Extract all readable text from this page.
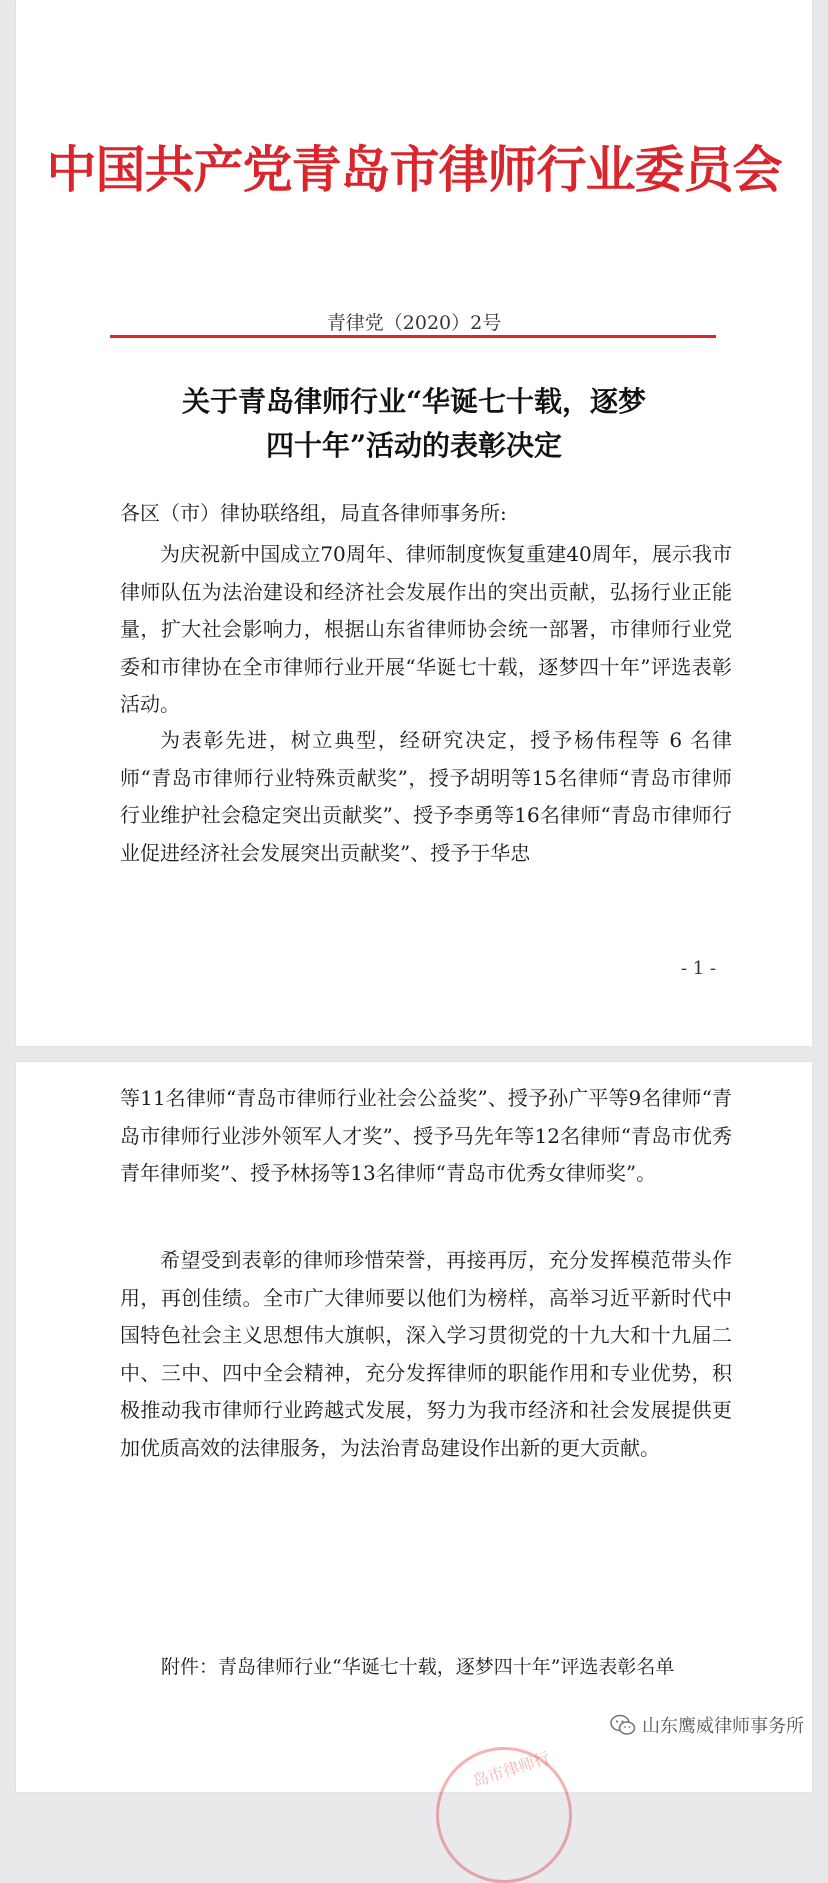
中国共产党青岛市律师行业委员会
青律党（2020）2号
关于青岛律师行业“华诞七十载，逐梦
四十年”活动的表彰决定
各区（市）律协联络组，局直各律师事务所:

为庆祝新中国成立70周年、律师制度恢复重建40周年，展示我市律师队伍为法治建设和经济社会发展作出的突出贡献，弘扬行业正能量，扩大社会影响力，根据山东省律师协会统一部署，市律师行业党委和市律协在全市律师行业开展“华诞七十载，逐梦四十年”评选表彰活动。

为表彰先进，树立典型，经研究决定，授予杨伟程等 6 名律师“青岛市律师行业特殊贡献奖”，授予胡明等15名律师“青岛市律师行业维护社会稳定突出贡献奖”、授予李勇等16名律师“青岛市律师行业促进经济社会发展突出贡献奖”、授予于华忠

- 1 -

等11名律师“青岛市律师行业社会公益奖”、授予孙广平等9名律师“青岛市律师行业涉外领军人才奖”、授予马先年等12名律师“青岛市优秀青年律师奖”、授予林扬等13名律师“青岛市优秀女律师奖”。

希望受到表彰的律师珍惜荣誉，再接再厉，充分发挥模范带头作用，再创佳绩。全市广大律师要以他们为榜样，高举习近平新时代中国特色社会主义思想伟大旗帜，深入学习贯彻党的十九大和十九届二中、三中、四中全会精神，充分发挥律师的职能作用和专业优势，积极推动我市律师行业跨越式发展，努力为我市经济和社会发展提供更加优质高效的法律服务，为法治青岛建设作出新的更大贡献。

附件：青岛律师行业“华诞七十载，逐梦四十年”评选表彰名单
岛市律师行
山东鹰威律师事务所
